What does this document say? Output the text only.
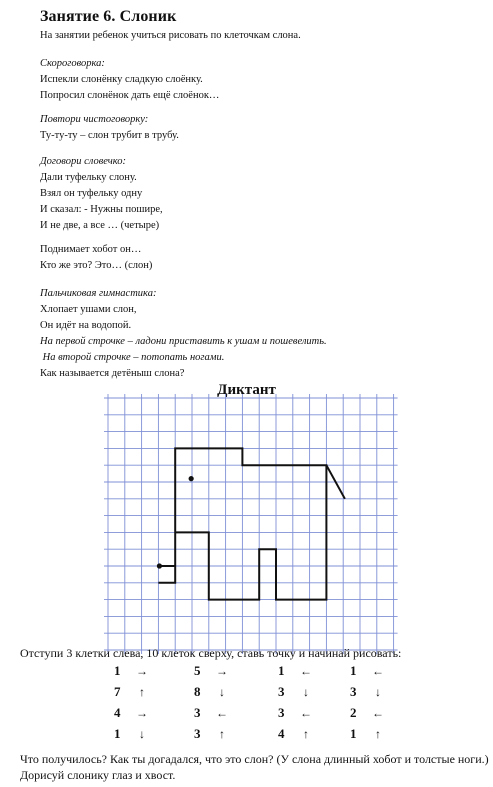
Занятие 6. Слоник
На занятии ребенок учиться рисовать по клеточкам слона.
Скороговорка:
Испекли слонёнку сладкую слоёнку.
Попросил слонёнок дать ещё слоёнок…
Повтори чистоговорку:
Ту-ту-ту – слон трубит в трубу.
Договори словечко:
Дали туфельку слону.
Взял он туфельку одну
И сказал: - Нужны пошире,
И не две, а все … (четыре)
Поднимает хобот он…
Кто же это? Это… (слон)
Пальчиковая гимнастика:
Хлопает ушами слон,
Он идёт на водопой.
На первой строчке – ладони приставить к ушам и пошевелить.
На второй строчке – потопать ногами.
Как называется детёныш слона?
Диктант
Отступи 3 клетки слева, 10 клеток сверху, ставь точку и начинай рисовать:
1 →	5 →	1 ←	1 ←
7 ↑	8 ↓	3 ↓	3 ↓
4 →	3 ←	3 ←	2 ←
1 ↓	3 ↑	4 ↑	1 ↑
Что получилось? Как ты догадался, что это слон? (У слона длинный хобот и толстые ноги.) Дорисуй слонику глаз и хвост.
